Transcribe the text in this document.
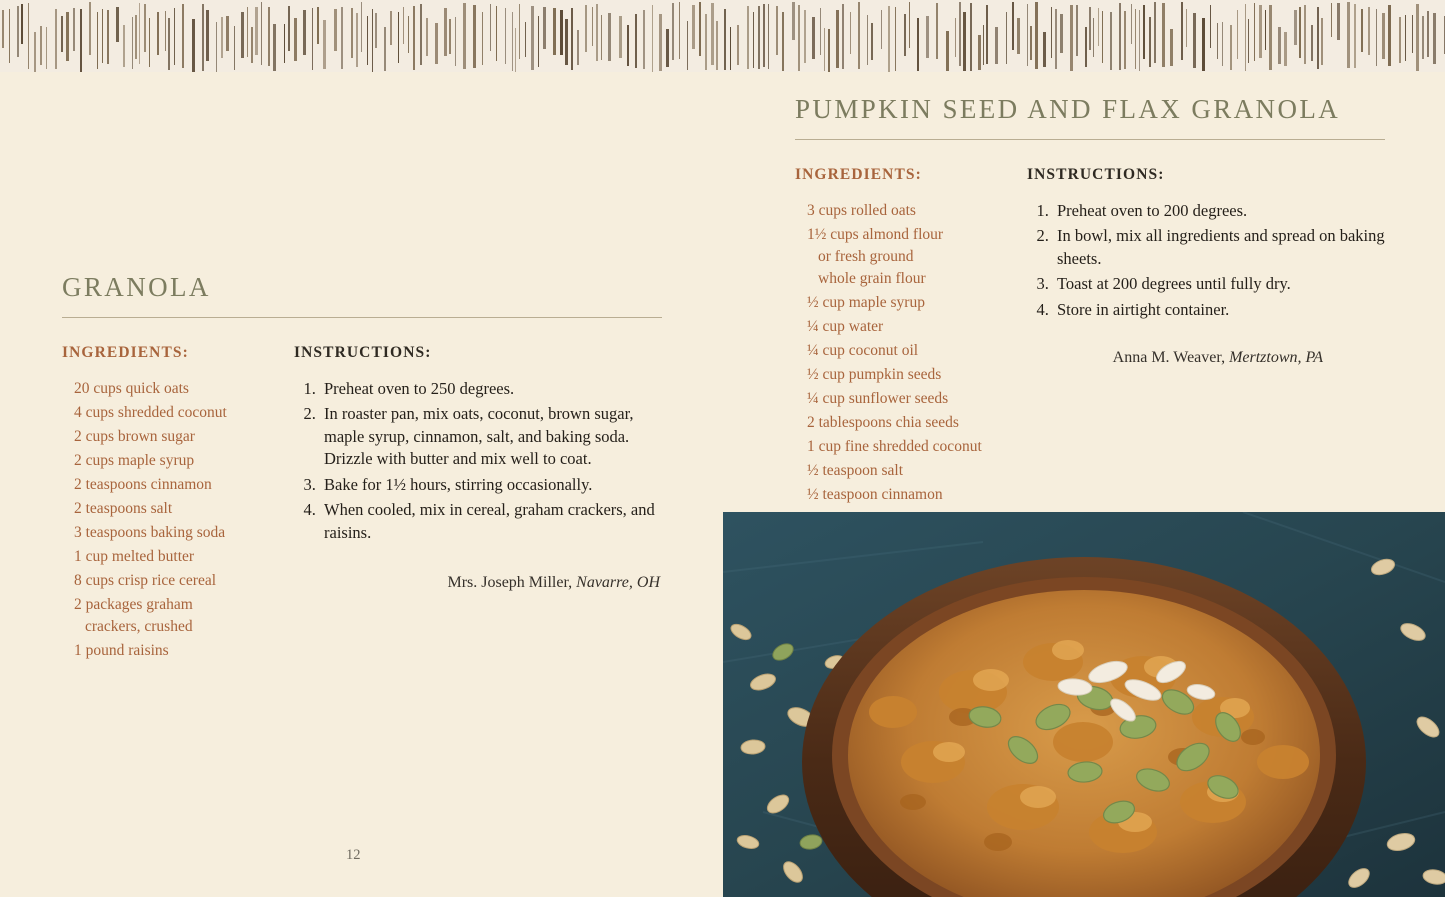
GRANOLA
INGREDIENTS:
20 cups quick oats
4 cups shredded coconut
2 cups brown sugar
2 cups maple syrup
2 teaspoons cinnamon
2 teaspoons salt
3 teaspoons baking soda
1 cup melted butter
8 cups crisp rice cereal
2 packages graham
crackers, crushed
1 pound raisins
INSTRUCTIONS:
1. Preheat oven to 250 degrees.
2. In roaster pan, mix oats, coconut, brown sugar, maple syrup, cinnamon, salt, and baking soda. Drizzle with butter and mix well to coat.
3. Bake for 1½ hours, stirring occasionally.
4. When cooled, mix in cereal, graham crackers, and raisins.
Mrs. Joseph Miller, Navarre, OH
12
PUMPKIN SEED AND FLAX GRANOLA
INGREDIENTS:
3 cups rolled oats
1½ cups almond flour
or fresh ground
whole grain flour
½ cup maple syrup
¼ cup water
¼ cup coconut oil
½ cup pumpkin seeds
¼ cup sunflower seeds
2 tablespoons chia seeds
1 cup fine shredded coconut
½ teaspoon salt
½ teaspoon cinnamon
INSTRUCTIONS:
1. Preheat oven to 200 degrees.
2. In bowl, mix all ingredients and spread on baking sheets.
3. Toast at 200 degrees until fully dry.
4. Store in airtight container.
Anna M. Weaver, Mertztown, PA
